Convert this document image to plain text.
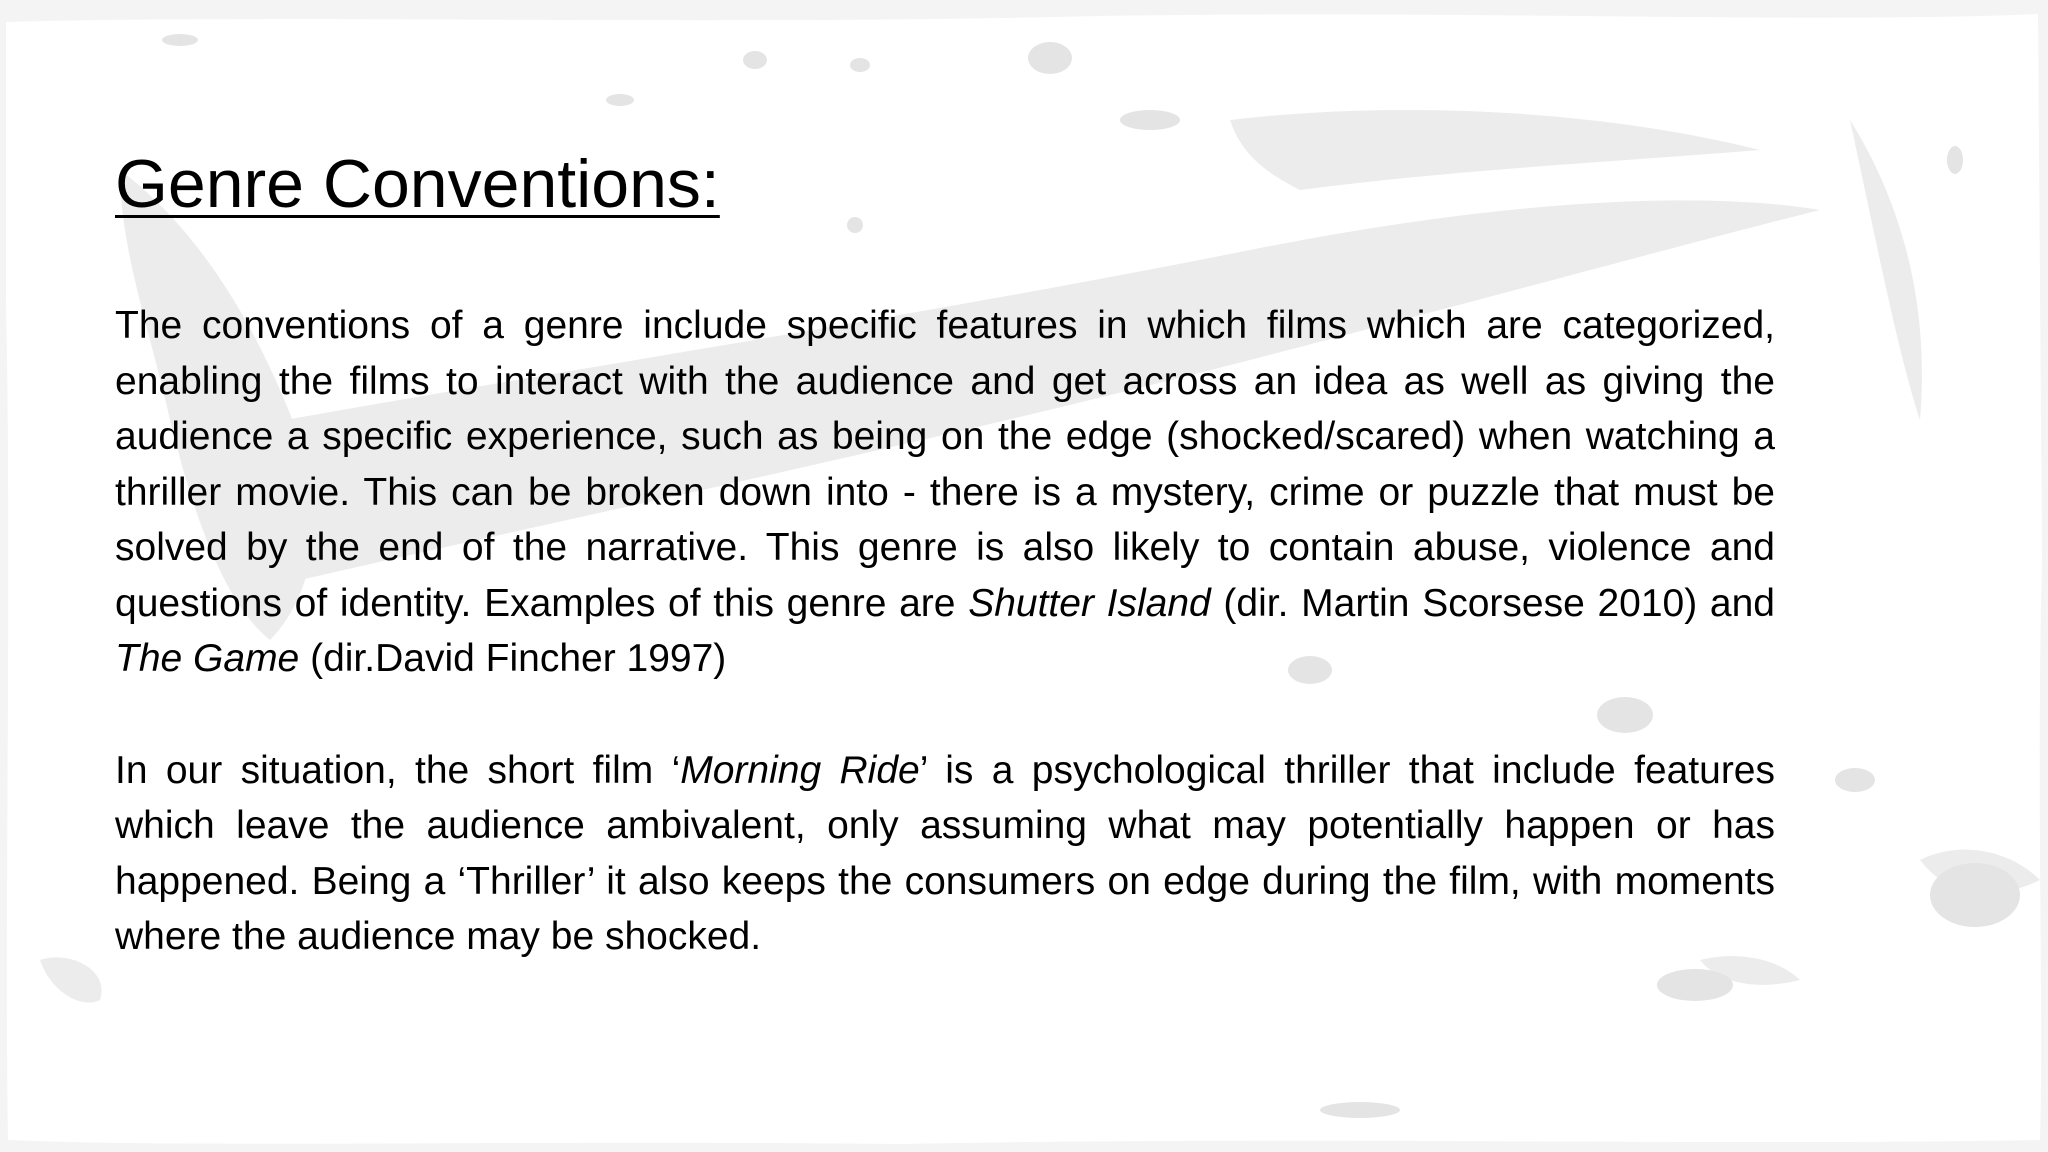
Genre Conventions:

The conventions of a genre include specific features in which films which are categorized, enabling the films to interact with the audience and get across an idea as well as giving the audience a specific experience, such as being on the edge (shocked/scared) when watching a thriller movie. This can be broken down into - there is a mystery, crime or puzzle that must be solved by the end of the narrative. This genre is also likely to contain abuse, violence and questions of identity. Examples of this genre are Shutter Island (dir. Martin Scorsese 2010) and The Game (dir.David Fincher 1997)

In our situation, the short film ‘Morning Ride’ is a psychological thriller that include features which leave the audience ambivalent, only assuming what may potentially happen or has happened. Being a ‘Thriller’ it also keeps the consumers on edge during the film, with moments where the audience may be shocked.
